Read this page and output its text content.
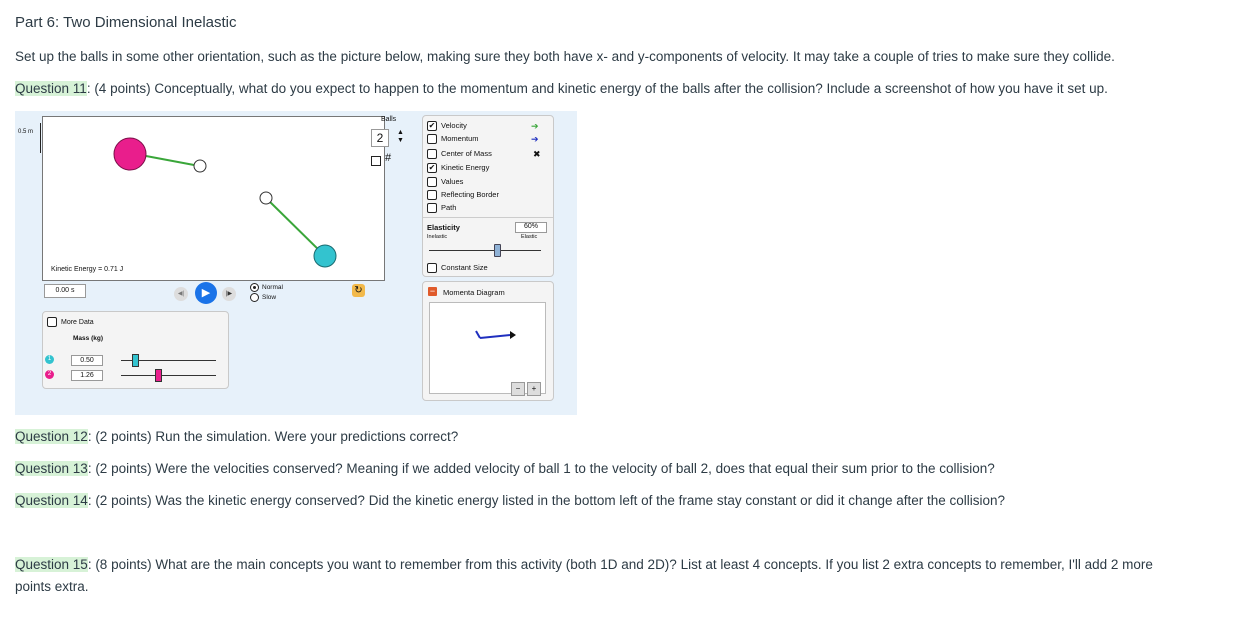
Part 6: Two Dimensional Inelastic
Set up the balls in some other orientation, such as the picture below, making sure they both have x- and y-components of velocity. It may take a couple of tries to make sure they collide.
Question 11: (4 points) Conceptually, what do you expect to happen to the momentum and kinetic energy of the balls after the collision? Include a screenshot of how you have it set up.
0.5 m
Kinetic Energy = 0.71 J
Balls
2	▲
▼
#
✔ Velocity
Momentum
Center of Mass
✔ Kinetic Energy
Values
Reflecting Border
Path
➔
➔
✖
Elasticity	60%
Inelastic	Elastic
Constant Size
0.00 s	◀|	▶	|▶
Normal
Slow
↻	− Momenta Diagram
−	+
More Data
Mass (kg)
1	0.50
2	1.26
Question 12: (2 points) Run the simulation. Were your predictions correct?
Question 13: (2 points) Were the velocities conserved? Meaning if we added velocity of ball 1 to the velocity of ball 2, does that equal their sum prior to the collision?
Question 14: (2 points) Was the kinetic energy conserved? Did the kinetic energy listed in the bottom left of the frame stay constant or did it change after the collision?
Question 15: (8 points) What are the main concepts you want to remember from this activity (both 1D and 2D)? List at least 4 concepts. If you list 2 extra concepts to remember, I'll add 2 more
points extra.
